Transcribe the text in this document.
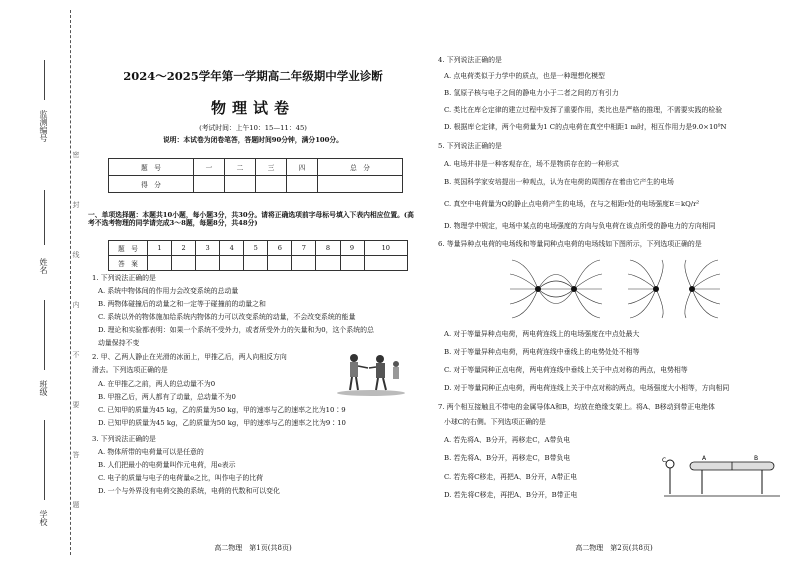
监测编号
姓名
班级
学校
密
封
线
内
不
要
答
题
2024～2025学年第一学期高二年级期中学业诊断
物理试卷
(考试时间：上午10：15—11：45)
说明：本试卷为闭卷笔答，答题时间90分钟，满分100分。
题　号	一	二	三	四	总　分
得　分					
一、单项选择题：本题共10小题，每小题3分，共30分。请将正确选项前字母标号填入下表内相应位置。(高考不选考物理的同学请完成3～8题，每题8分，共48分)
题　号	1	2	3	4	5	6	7	8	9	10
答　案										
1. 下列说法正确的是
A. 系统中物体间的作用力会改变系统的总动量
B. 两物体碰撞后的动量之和一定等于碰撞前的动量之和
C. 系统以外的物体施加给系统内物体的力可以改变系统的动量，不会改变系统的能量
D. 理论和实验都表明：如果一个系统不受外力，或者所受外力的矢量和为0，这个系统的总
动量保持不变
2. 甲、乙两人静止在光滑的冰面上，甲推乙后，两人向相反方向
滑去。下列选项正确的是
A. 在甲推乙之前，两人的总动量不为0
B. 甲推乙后，两人都有了动量，总动量不为0
C. 已知甲的质量为45 kg，乙的质量为50 kg，甲的速率与乙的速率之比为10∶9
D. 已知甲的质量为45 kg，乙的质量为50 kg，甲的速率与乙的速率之比为9∶10
3. 下列说法正确的是
A. 物体所带的电荷量可以是任意的
B. 人们把最小的电荷量叫作元电荷，用e表示
C. 电子的质量与电子的电荷量e之比，叫作电子的比荷
D. 一个与外界没有电荷交换的系统，电荷的代数和可以变化
高二物理　第1页(共8页)
4. 下列说法正确的是
A. 点电荷类似于力学中的质点，也是一种理想化模型
B. 氢原子核与电子之间的静电力小于二者之间的万有引力
C. 类比在库仑定律的建立过程中发挥了重要作用，类比也是严格的推理，不需要实践的检验
D. 根据库仑定律，两个电荷量为1 C的点电荷在真空中相距1 m时，相互作用力是9.0×10⁹N
5. 下列说法正确的是
A. 电场并非是一种客观存在，场不是物质存在的一种形式
B. 英国科学家安培提出一种观点，认为在电荷的周围存在着由它产生的电场
C. 真空中电荷量为Q的静止点电荷产生的电场，在与之相距r处的电场强度E＝kQ/r²
D. 物理学中规定，电场中某点的电场强度的方向与负电荷在该点所受的静电力的方向相同
6. 等量异种点电荷的电场线和等量同种点电荷的电场线如下图所示，下列选项正确的是
A. 对于等量异种点电荷，两电荷连线上的电场强度在中点处最大
B. 对于等量异种点电荷，两电荷连线中垂线上的电势处处不相等
C. 对于等量同种正点电荷，两电荷连线中垂线上关于中点对称的两点，电势相等
D. 对于等量同种正点电荷，两电荷连线上关于中点对称的两点，电场强度大小相等，方向相同
7. 两个相互接触且不带电的金属导体A和B，均放在绝缘支架上。将A、B移动到带正电绝体
小球C的右侧。下列选项正确的是
A. 若先将A、B分开，再移走C，A带负电
B. 若先将A、B分开，再移走C，B带负电
C. 若先将C移走，再把A、B分开，A带正电
D. 若先将C移走，再把A、B分开，B带正电
C	A	B
高二物理　第2页(共8页)
